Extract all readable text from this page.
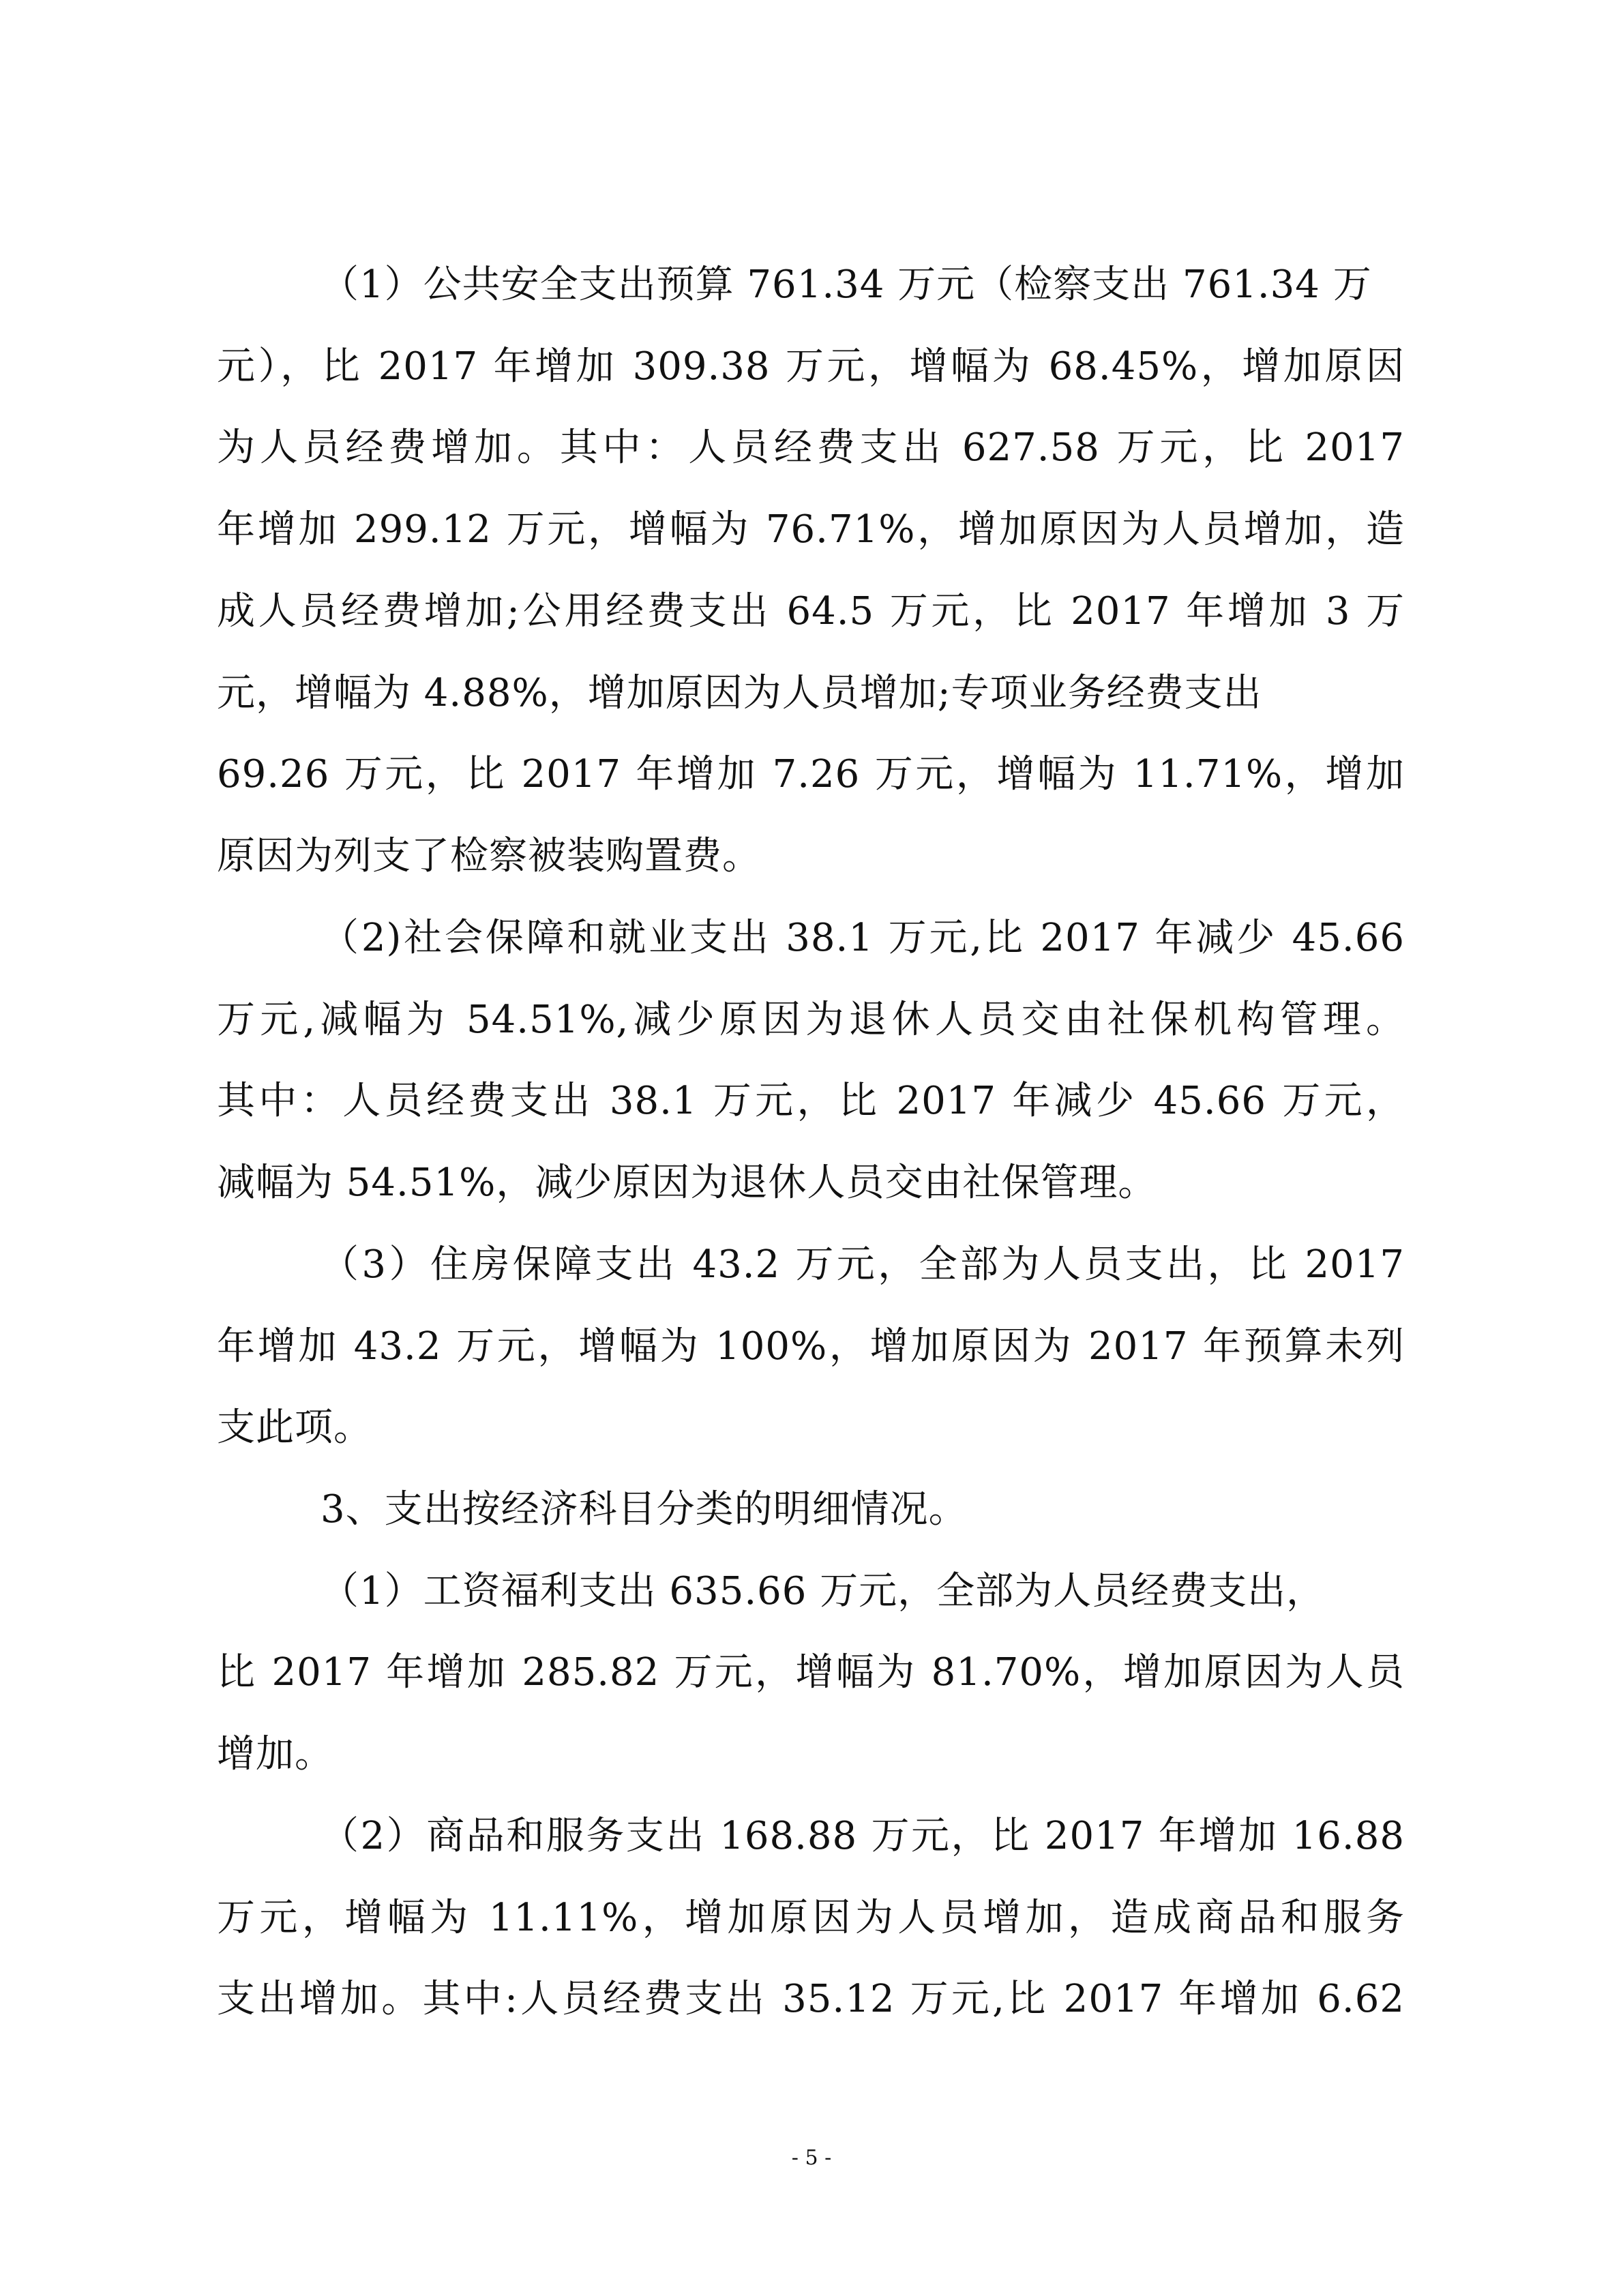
（1）公共安全支出预算 761.34 万元（检察支出 761.34 万
元），比 2017 年增加 309.38 万元，增幅为 68.45%，增加原因
为人员经费增加。其中：人员经费支出 627.58 万元，比 2017
年增加 299.12 万元，增幅为 76.71%，增加原因为人员增加，造
成人员经费增加;公用经费支出 64.5 万元，比 2017 年增加 3 万
元，增幅为 4.88%，增加原因为人员增加;专项业务经费支出
69.26 万元，比 2017 年增加 7.26 万元，增幅为 11.71%，增加
原因为列支了检察被装购置费。
（2)社会保障和就业支出 38.1 万元,比 2017 年减少 45.66
万元,减幅为 54.51%,减少原因为退休人员交由社保机构管理。
其中：人员经费支出 38.1 万元，比 2017 年减少 45.66 万元，
减幅为 54.51%，减少原因为退休人员交由社保管理。
（3）住房保障支出 43.2 万元，全部为人员支出，比 2017
年增加 43.2 万元，增幅为 100%，增加原因为 2017 年预算未列
支此项。
3、支出按经济科目分类的明细情况。
（1）工资福利支出 635.66 万元，全部为人员经费支出，
比 2017 年增加 285.82 万元，增幅为 81.70%，增加原因为人员
增加。
（2）商品和服务支出 168.88 万元，比 2017 年增加 16.88
万元，增幅为 11.11%，增加原因为人员增加，造成商品和服务
支出增加。其中:人员经费支出 35.12 万元,比 2017 年增加 6.62
- 5 -
